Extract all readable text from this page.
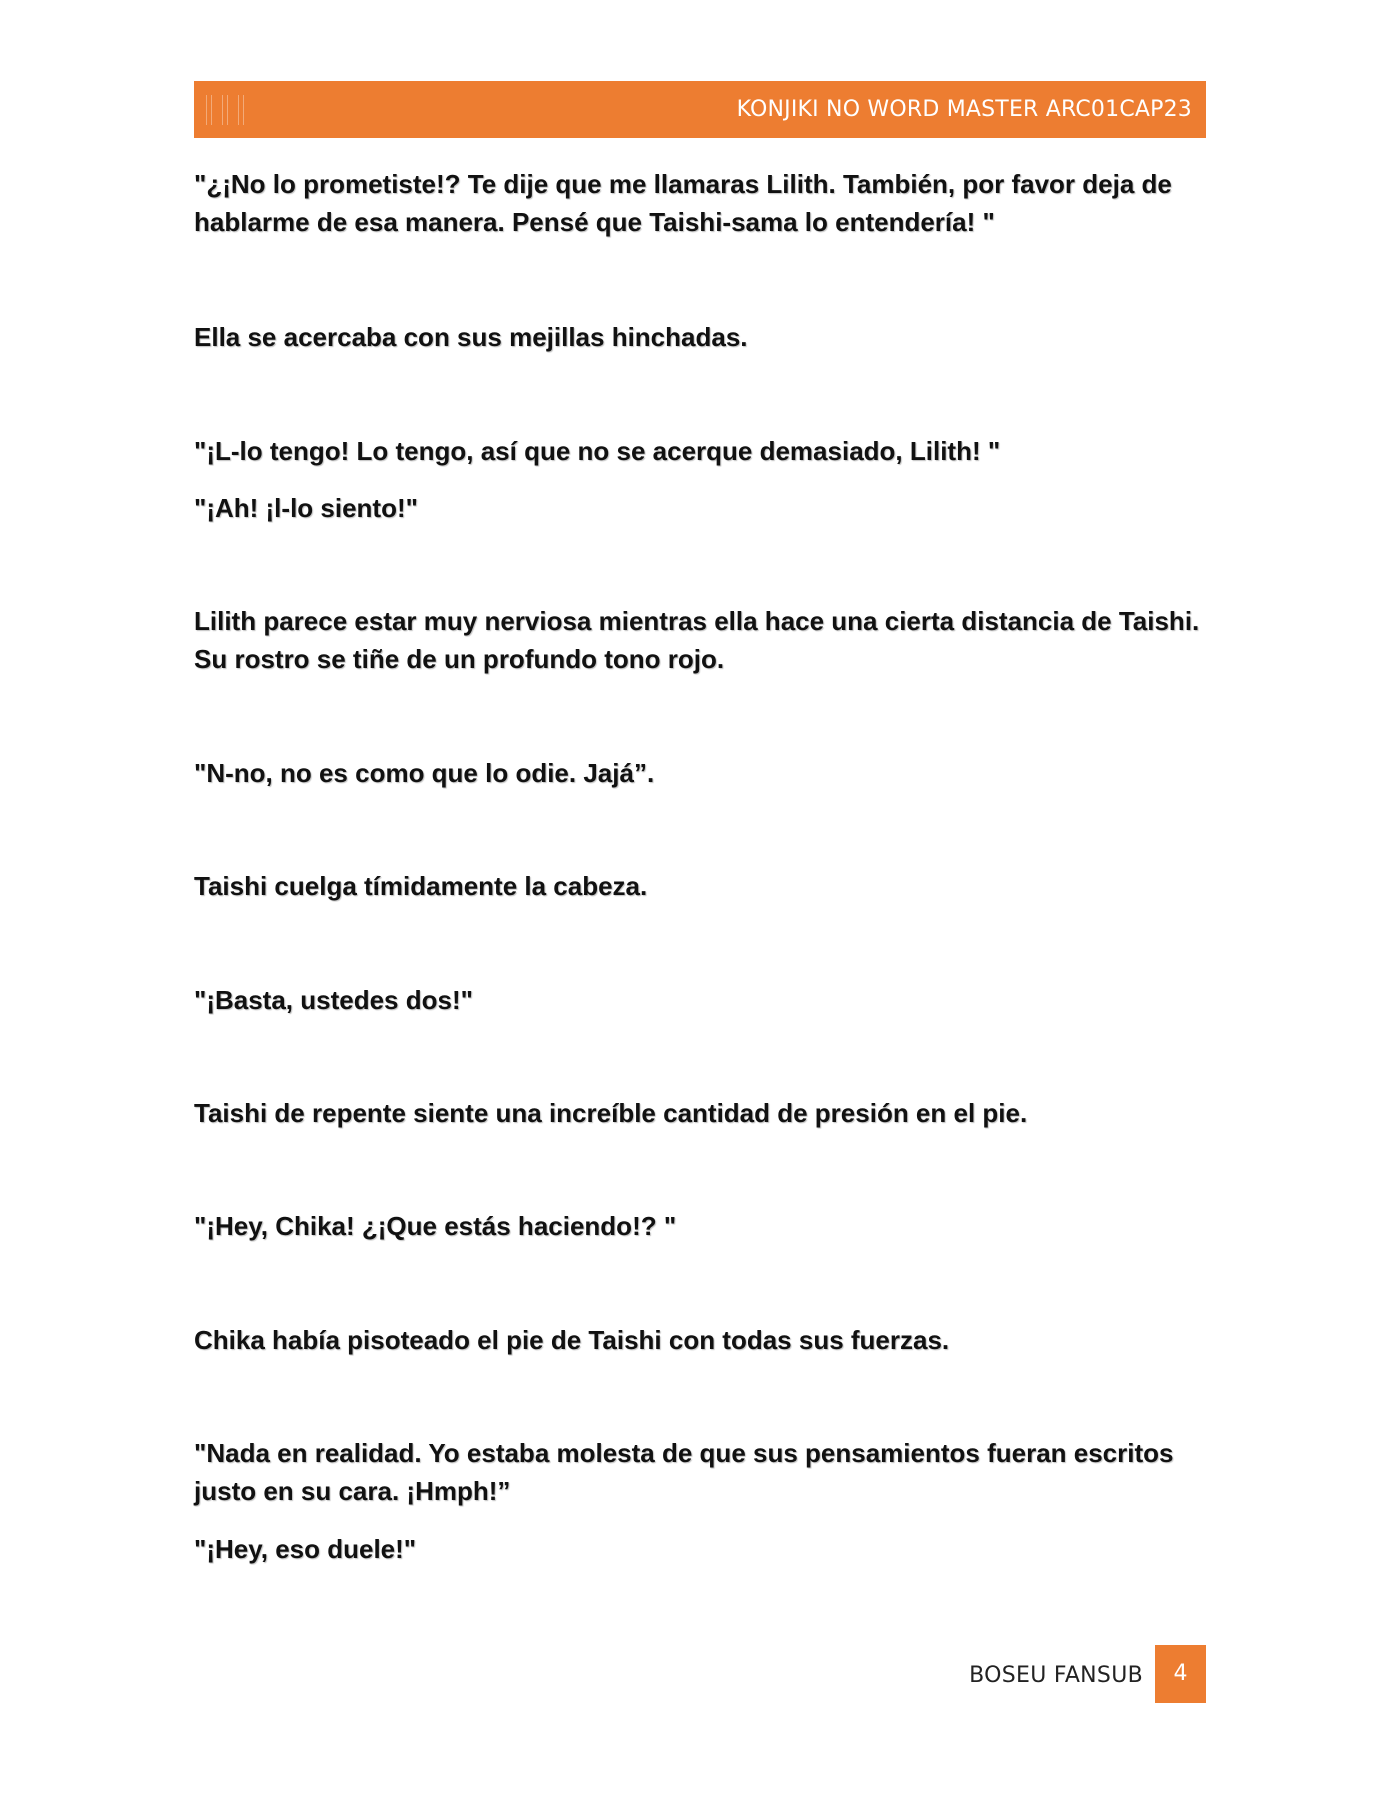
KONJIKI NO WORD MASTER ARC01CAP23

"¿¡No lo prometiste!? Te dije que me llamaras Lilith. También, por favor deja de hablarme de esa manera. Pensé que Taishi-sama lo entendería! "

Ella se acercaba con sus mejillas hinchadas.

"¡L-lo tengo! Lo tengo, así que no se acerque demasiado, Lilith! "

"¡Ah! ¡l-lo siento!"

Lilith parece estar muy nerviosa mientras ella hace una cierta distancia de Taishi. Su rostro se tiñe de un profundo tono rojo.

"N-no, no es como que lo odie. Jajá”.

Taishi cuelga tímidamente la cabeza.

"¡Basta, ustedes dos!"

Taishi de repente siente una increíble cantidad de presión en el pie.

"¡Hey, Chika! ¿¡Que estás haciendo!? "

Chika había pisoteado el pie de Taishi con todas sus fuerzas.

"Nada en realidad. Yo estaba molesta de que sus pensamientos fueran escritos justo en su cara. ¡Hmph!”

"¡Hey, eso duele!"

BOSEU FANSUB	4
